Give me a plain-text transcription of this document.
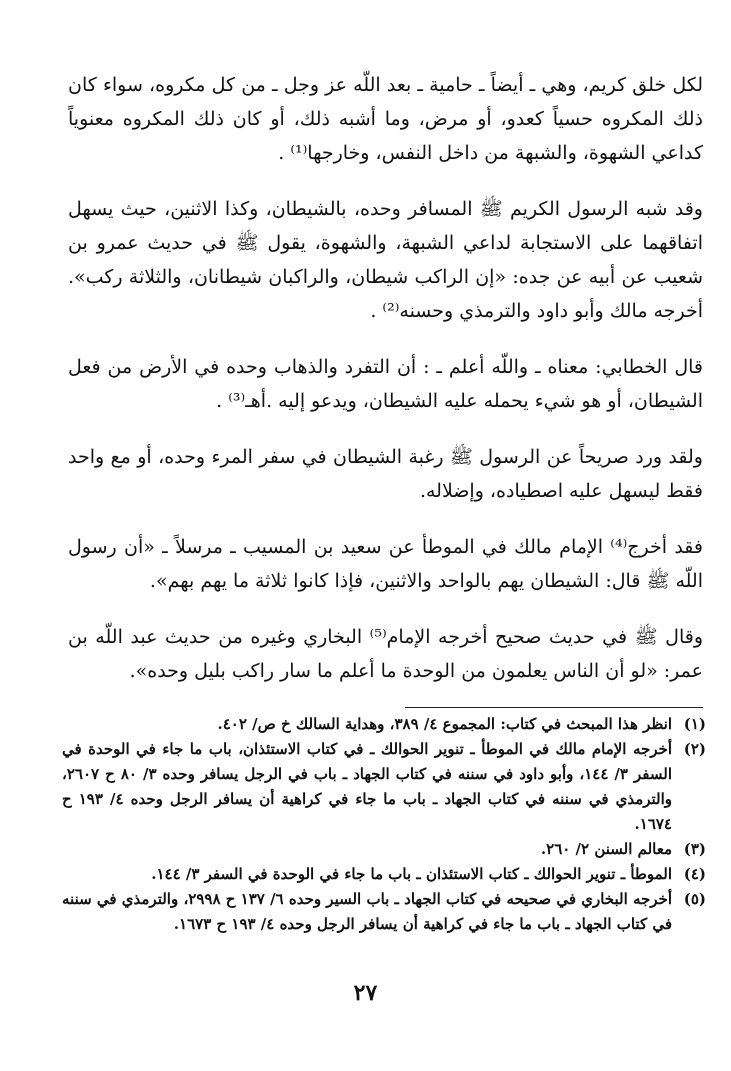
لكل خلق كريم، وهي ـ أيضاً ـ حامية ـ بعد اللّه عز وجل ـ من كل مكروه، سواء كان ذلك المكروه حسياً كعدو، أو مرض، وما أشبه ذلك، أو كان ذلك المكروه معنوياً كداعي الشهوة، والشبهة من داخل النفس، وخارجها⁽¹⁾ .

وقد شبه الرسول الكريم ﷺ المسافر وحده، بالشيطان، وكذا الاثنين، حيث يسهل اتفاقهما على الاستجابة لداعي الشبهة، والشهوة، يقول ﷺ في حديث عمرو بن شعيب عن أبيه عن جده: «إن الراكب شيطان، والراكبان شيطانان، والثلاثة ركب». أخرجه مالك وأبو داود والترمذي وحسنه⁽²⁾ .

قال الخطابي: معناه ـ واللّه أعلم ـ : أن التفرد والذهاب وحده في الأرض من فعل الشيطان، أو هو شيء يحمله عليه الشيطان، ويدعو إليه .أهـ⁽³⁾ .

ولقد ورد صريحاً عن الرسول ﷺ رغبة الشيطان في سفر المرء وحده، أو مع واحد فقط ليسهل عليه اصطياده، وإضلاله.

فقد أخرج⁽⁴⁾ الإمام مالك في الموطأ عن سعيد بن المسيب ـ مرسلاً ـ «أن رسول اللّه ﷺ قال: الشيطان يهم بالواحد والاثنين، فإذا كانوا ثلاثة ما يهم بهم».

وقال ﷺ في حديث صحيح أخرجه الإمام⁽⁵⁾ البخاري وغيره من حديث عبد اللّه بن عمر: «لو أن الناس يعلمون من الوحدة ما أعلم ما سار راكب بليل وحده».

(١)
انظر هذا المبحث في كتاب: المجموع ٤/ ٣٨٩، وهداية السالك خ ص/ ٤٠٢.
(٢)
أخرجه الإمام مالك في الموطأ ـ تنوير الحوالك ـ في كتاب الاستئذان، باب ما جاء في الوحدة في السفر ٣/ ١٤٤، وأبو داود في سننه في كتاب الجهاد ـ باب في الرجل يسافر وحده ٣/ ٨٠ ح ٢٦٠٧، والترمذي في سننه في كتاب الجهاد ـ باب ما جاء في كراهية أن يسافر الرجل وحده ٤/ ١٩٣ ح ١٦٧٤.
(٣)
معالم السنن ٢/ ٢٦٠.
(٤)
الموطأ ـ تنوير الحوالك ـ كتاب الاستئذان ـ باب ما جاء في الوحدة في السفر ٣/ ١٤٤.
(٥)
أخرجه البخاري في صحيحه في كتاب الجهاد ـ باب السير وحده ٦/ ١٣٧ ح ٢٩٩٨، والترمذي في سننه في كتاب الجهاد ـ باب ما جاء في كراهية أن يسافر الرجل وحده ٤/ ١٩٣ ح ١٦٧٣.
٢٧
